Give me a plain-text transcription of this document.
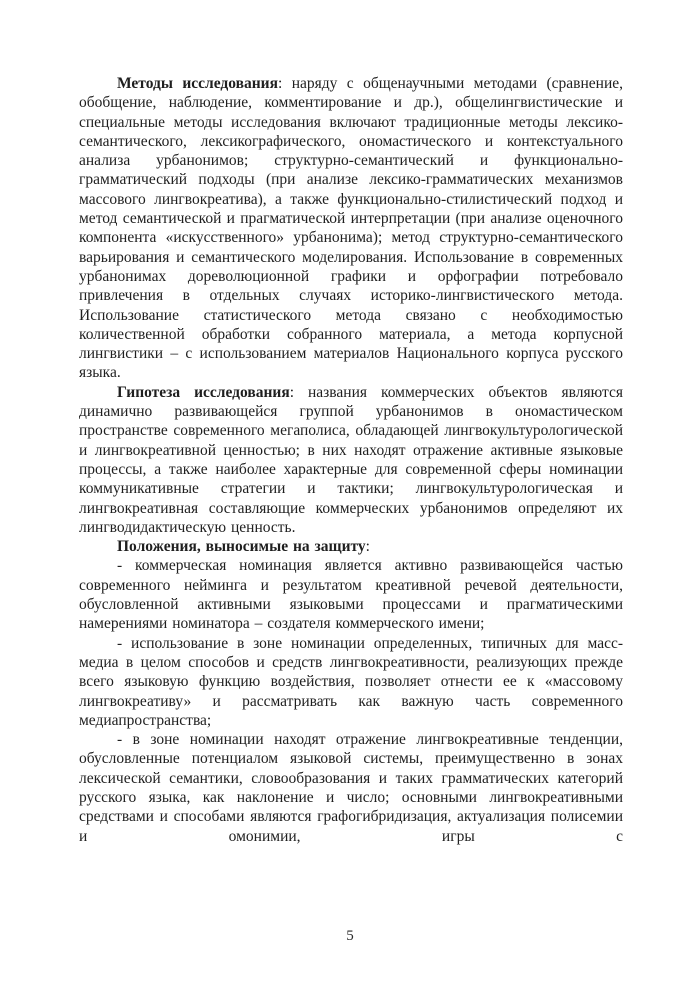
Методы исследования: наряду с общенаучными методами (сравнение, обобщение, наблюдение, комментирование и др.), общелингвистические и специальные методы исследования включают традиционные методы лексико-семантического, лексикографического, ономастического и контекстуального анализа урбанонимов; структурно-семантический и функционально-грамматический подходы (при анализе лексико-грамматических механизмов массового лингвокреатива), а также функционально-стилистический подход и метод семантической и прагматической интерпретации (при анализе оценочного компонента «искусственного» урбанонима); метод структурно-семантического варьирования и семантического моделирования. Использование в современных урбанонимах дореволюционной графики и орфографии потребовало привлечения в отдельных случаях историко-лингвистического метода. Использование статистического метода связано с необходимостью количественной обработки собранного материала, а метода корпусной лингвистики – с использованием материалов Национального корпуса русского языка.

Гипотеза исследования: названия коммерческих объектов являются динамично развивающейся группой урбанонимов в ономастическом пространстве современного мегаполиса, обладающей лингвокультурологической и лингвокреативной ценностью; в них находят отражение активные языковые процессы, а также наиболее характерные для современной сферы номинации коммуникативные стратегии и тактики; лингвокультурологическая и лингвокреативная составляющие коммерческих урбанонимов определяют их лингводидактическую ценность.

Положения, выносимые на защиту:

- коммерческая номинация является активно развивающейся частью современного нейминга и результатом креативной речевой деятельности, обусловленной активными языковыми процессами и прагматическими намерениями номинатора – создателя коммерческого имени;

- использование в зоне номинации определенных, типичных для масс-медиа в целом способов и средств лингвокреативности, реализующих прежде всего языковую функцию воздействия, позволяет отнести ее к «массовому лингвокреативу» и рассматривать как важную часть современного медиапространства;

- в зоне номинации находят отражение лингвокреативные тенденции, обусловленные потенциалом языковой системы, преимущественно в зонах лексической семантики, словообразования и таких грамматических категорий русского языка, как наклонение и число; основными лингвокреативными средствами и способами являются графогибридизация, актуализация полисемии и омонимии, игры с

5
